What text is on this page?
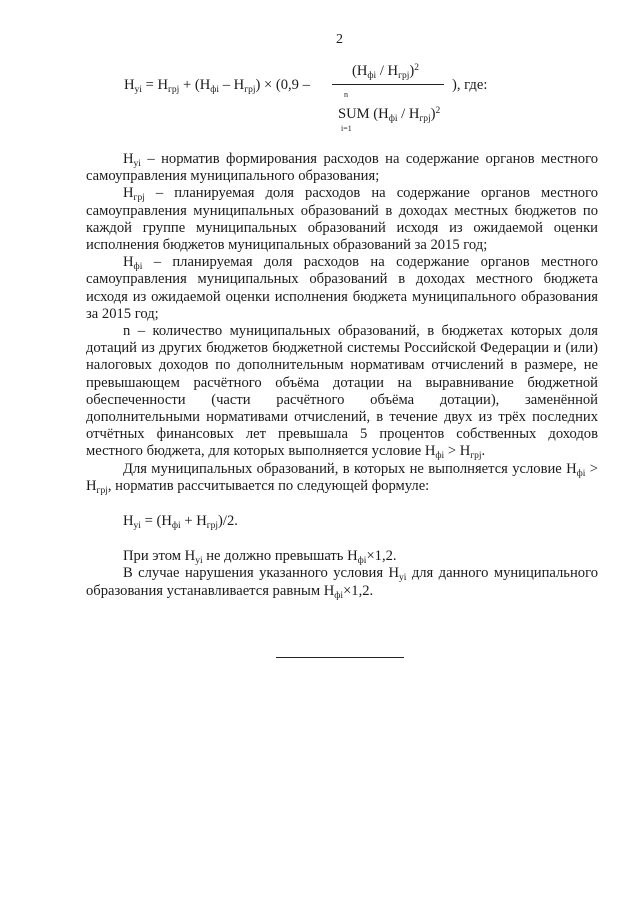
2
$Н_{уi} = Н_{грj} + (Н_{фi} - Н_{грj}) \times (0,9$ –
$(Н_{фi} / Н_{грj})^2$
), где:
n
SUM $(Н_{фi} / Н_{грj})^2$
i=1

$Н_{уi}$ – норматив формирования расходов на содержание органов местного самоуправления муниципального образования;

$Н_{грj}$ – планируемая доля расходов на содержание органов местного самоуправления муниципальных образований в доходах местных бюджетов по каждой группе муниципальных образований исходя из ожидаемой оценки исполнения бюджетов муниципальных образований за 2015 год;

$Н_{фi}$ – планируемая доля расходов на содержание органов местного самоуправления муниципальных образований в доходах местного бюджета исходя из ожидаемой оценки исполнения бюджета муниципального образования за 2015 год;

n – количество муниципальных образований, в бюджетах которых доля дотаций из других бюджетов бюджетной системы Российской Федерации и (или) налоговых доходов по дополнительным нормативам отчислений в размере, не превышающем расчётного объёма дотации на выравнивание бюджетной обеспеченности (части расчётного объёма дотации), заменённой дополнительными нормативами отчислений, в течение двух из трёх последних отчётных финансовых лет превышала 5 процентов собственных доходов местного бюджета, для которых выполняется условие $Н_{фi} > Н_{грj}$.

Для муниципальных образований, в которых не выполняется условие $Н_{фi} > Н_{грj}$, норматив рассчитывается по следующей формуле:

$Н_{уi} = (Н_{фi} + Н_{грj})/2$.

При этом $Н_{уi}$ не должно превышать $Н_{фi}\times 1,2$.

В случае нарушения указанного условия $Н_{уi}$ для данного муниципального образования устанавливается равным $Н_{фi}\times 1,2$.
